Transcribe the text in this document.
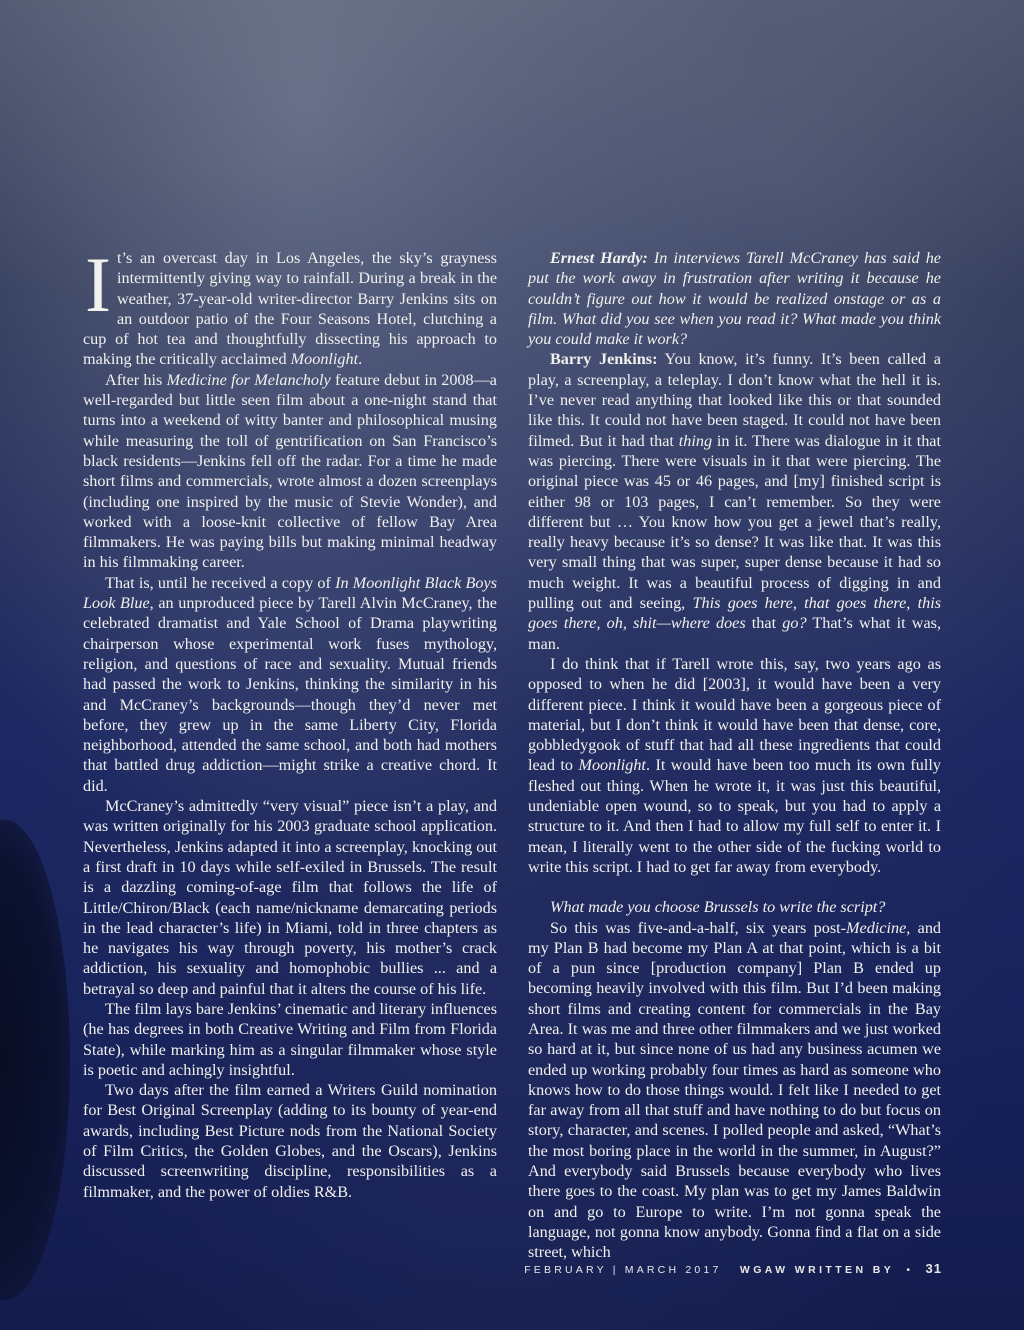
It’s an overcast day in Los Angeles, the sky’s grayness intermittently giving way to rainfall. During a break in the weather, 37-year-old writer-director Barry Jenkins sits on an outdoor patio of the Four Seasons Hotel, clutching a cup of hot tea and thoughtfully dissecting his approach to making the critically acclaimed Moonlight.

After his Medicine for Melancholy feature debut in 2008—a well-regarded but little seen film about a one-night stand that turns into a weekend of witty banter and philosophical musing while measuring the toll of gentrification on San Francisco’s black residents—Jenkins fell off the radar. For a time he made short films and commercials, wrote almost a dozen screenplays (including one inspired by the music of Stevie Wonder), and worked with a loose-knit collective of fellow Bay Area filmmakers. He was paying bills but making minimal headway in his filmmaking career.

That is, until he received a copy of In Moonlight Black Boys Look Blue, an unproduced piece by Tarell Alvin McCraney, the celebrated dramatist and Yale School of Drama playwriting chairperson whose experimental work fuses mythology, religion, and questions of race and sexuality. Mutual friends had passed the work to Jenkins, thinking the similarity in his and McCraney’s backgrounds—though they’d never met before, they grew up in the same Liberty City, Florida neighborhood, attended the same school, and both had mothers that battled drug addiction—might strike a creative chord. It did.

McCraney’s admittedly “very visual” piece isn’t a play, and was written originally for his 2003 graduate school application. Nevertheless, Jenkins adapted it into a screenplay, knocking out a first draft in 10 days while self-exiled in Brussels. The result is a dazzling coming-of-age film that follows the life of Little/Chiron/Black (each name/nickname demarcating periods in the lead character’s life) in Miami, told in three chapters as he navigates his way through poverty, his mother’s crack addiction, his sexuality and homophobic bullies ... and a betrayal so deep and painful that it alters the course of his life.

The film lays bare Jenkins’ cinematic and literary influences (he has degrees in both Creative Writing and Film from Florida State), while marking him as a singular filmmaker whose style is poetic and achingly insightful.

Two days after the film earned a Writers Guild nomination for Best Original Screenplay (adding to its bounty of year-end awards, including Best Picture nods from the National Society of Film Critics, the Golden Globes, and the Oscars), Jenkins discussed screenwriting discipline, responsibilities as a filmmaker, and the power of oldies R&B.

Ernest Hardy: In interviews Tarell McCraney has said he put the work away in frustration after writing it because he couldn’t figure out how it would be realized onstage or as a film. What did you see when you read it? What made you think you could make it work?

Barry Jenkins: You know, it’s funny. It’s been called a play, a screenplay, a teleplay. I don’t know what the hell it is. I’ve never read anything that looked like this or that sounded like this. It could not have been staged. It could not have been filmed. But it had that thing in it. There was dialogue in it that was piercing. There were visuals in it that were piercing. The original piece was 45 or 46 pages, and [my] finished script is either 98 or 103 pages, I can’t remember. So they were different but … You know how you get a jewel that’s really, really heavy because it’s so dense? It was like that. It was this very small thing that was super, super dense because it had so much weight. It was a beautiful process of digging in and pulling out and seeing, This goes here, that goes there, this goes there, oh, shit—where does that go? That’s what it was, man.

I do think that if Tarell wrote this, say, two years ago as opposed to when he did [2003], it would have been a very different piece. I think it would have been a gorgeous piece of material, but I don’t think it would have been that dense, core, gobbledygook of stuff that had all these ingredients that could lead to Moonlight. It would have been too much its own fully fleshed out thing. When he wrote it, it was just this beautiful, undeniable open wound, so to speak, but you had to apply a structure to it. And then I had to allow my full self to enter it. I mean, I literally went to the other side of the fucking world to write this script. I had to get far away from everybody.

What made you choose Brussels to write the script?

So this was five-and-a-half, six years post-Medicine, and my Plan B had become my Plan A at that point, which is a bit of a pun since [production company] Plan B ended up becoming heavily involved with this film. But I’d been making short films and creating content for commercials in the Bay Area. It was me and three other filmmakers and we just worked so hard at it, but since none of us had any business acumen we ended up working probably four times as hard as someone who knows how to do those things would. I felt like I needed to get far away from all that stuff and have nothing to do but focus on story, character, and scenes. I polled people and asked, “What’s the most boring place in the world in the summer, in August?” And everybody said Brussels because everybody who lives there goes to the coast. My plan was to get my James Baldwin on and go to Europe to write. I’m not gonna speak the language, not gonna know anybody. Gonna find a flat on a side street, which

FEBRUARY | MARCH 2017 WGAW WRITTEN BY • 31
